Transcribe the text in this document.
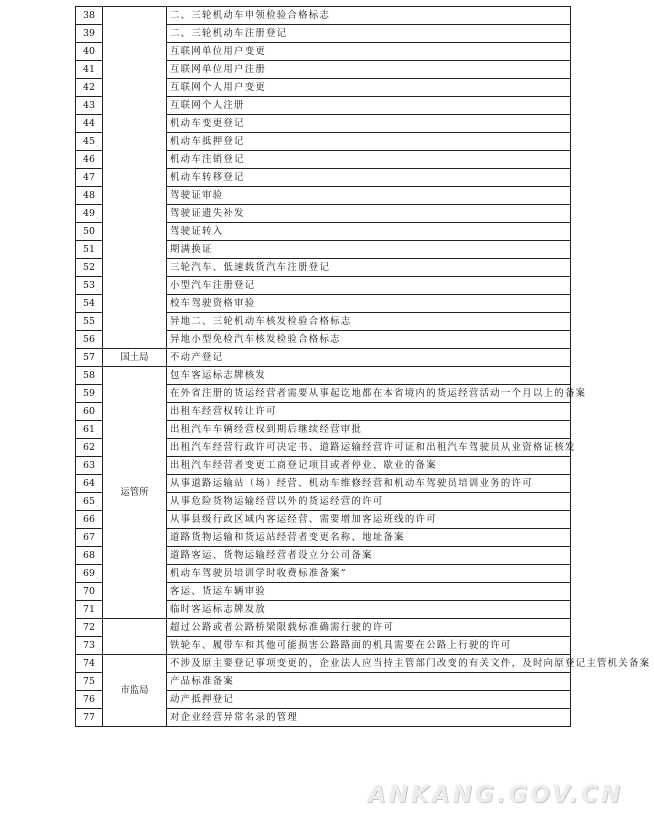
38		二、三轮机动车申领检验合格标志
39		二、三轮机动车注册登记
40		互联网单位用户变更
41		互联网单位用户注册
42		互联网个人用户变更
43		互联网个人注册
44		机动车变更登记
45		机动车抵押登记
46		机动车注销登记
47		机动车转移登记
48		驾驶证审验
49		驾驶证遗失补发
50		驾驶证转入
51		期满换证
52		三轮汽车、低速载货汽车注册登记
53		小型汽车注册登记
54		校车驾驶资格审验
55		异地二、三轮机动车核发检验合格标志
56		异地小型免检汽车核发检验合格标志
57	国土局	不动产登记
58	运管所	包车客运标志牌核发
59		在外省注册的货运经营者需要从事起讫地都在本省境内的货运经营活动一个月以上的备案
60		出租车经营权转让许可
61		出租汽车车辆经营权到期后继续经营审批
62		出租汽车经营行政许可决定书、道路运输经营许可证和出租汽车驾驶员从业资格证核发
63		出租汽车经营者变更工商登记项目或者停业、歇业的备案
64		从事道路运输站（场）经营、机动车维修经营和机动车驾驶员培训业务的许可
65		从事危险货物运输经营以外的货运经营的许可
66		从事县级行政区域内客运经营、需要增加客运班线的许可
67		道路货物运输和货运站经营者变更名称、地址备案
68		道路客运、货物运输经营者设立分公司备案
69		机动车驾驶员培训学时收费标准备案”
70		客运、货运车辆审验
71		临时客运标志牌发放
72		超过公路或者公路桥梁限载标准确需行驶的许可
73		铁轮车、履带车和其他可能损害公路路面的机具需要在公路上行驶的许可
74	市监局	不涉及原主要登记事项变更的，企业法人应当持主管部门改变的有关文件，及时向原登记主管机关备案
75		产品标准备案
76		动产抵押登记
77		对企业经营异常名录的管理
ANKANG.GOV.CN
